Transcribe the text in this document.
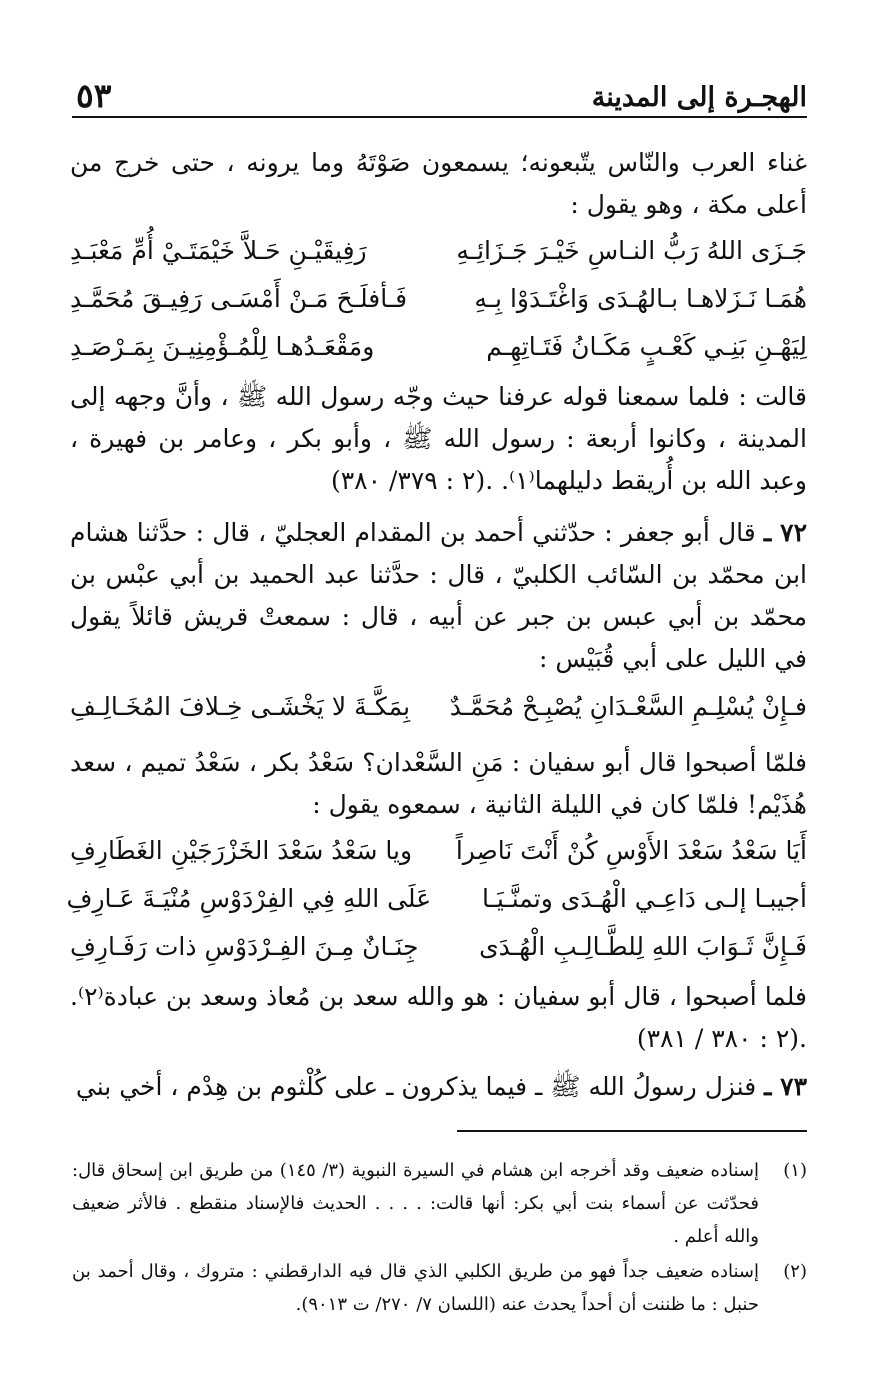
الهجـرة إلى المدينة
٥٣

غناء العرب والنّاس يتّبعونه؛ يسمعون صَوْتَهُ وما يرونه ، حتى خرج من أعلى مكة ، وهو يقول :

جَـزَى اللهُ رَبُّ النـاسِ خَيْـرَ جَـزَائِـهِ
رَفِيقَيْـنِ حَـلاَّ خَيْمَتَـيْ أُمِّ مَعْبَـدِ
هُمَـا نَـزَلاهـا بـالهُـدَى وَاغْتَـدَوْا بِـهِ
فَـأفلَـحَ مَـنْ أَمْسَـى رَفِيـقَ مُحَمَّـدِ
لِيَهْـنِ بَنِـي كَعْـبٍ مَكَـانُ فَتَـاتِهِـم
ومَقْعَـدُهـا لِلْمُـؤْمِنِيـنَ بِمَـرْصَـدِ

قالت : فلما سمعنا قوله عرفنا حيث وجّه رسول الله ﷺ ، وأنَّ وجهه إلى المدينة ، وكانوا أربعة : رسول الله ﷺ ، وأبو بكر ، وعامر بن فهيرة ، وعبد الله بن أُريقط دليلهما⁽١⁾. (٢ : ٣٧٩/ ٣٨٠).

٧٢ ـ قال أبو جعفر : حدّثني أحمد بن المقدام العجليّ ، قال : حدَّثنا هشام ابن محمّد بن السّائب الكلبيّ ، قال : حدَّثنا عبد الحميد بن أبي عبْس بن محمّد بن أبي عبس بن جبر عن أبيه ، قال : سمعتْ قريش قائلاً يقول في الليل على أبي قُبَيْس :

فـإِنْ يُسْلِـمِ السَّعْـدَانِ يُصْبِـحْ مُحَمَّـدٌ
بِمَكَّـةَ لا يَخْشَـى خِـلافَ المُخَـالِـفِ

فلمّا أصبحوا قال أبو سفيان : مَنِ السَّعْدان؟ سَعْدُ بكر ، سَعْدُ تميم ، سعد هُذَيْم! فلمّا كان في الليلة الثانية ، سمعوه يقول :

أَيَا سَعْدُ سَعْدَ الأَوْسِ كُنْ أَنْتَ نَاصِراً
ويا سَعْدُ سَعْدَ الخَزْرَجَيْنِ الغَطَارِفِ
أجيبـا إلـى دَاعِـي الْهُـدَى وتمنَّـيَـا
عَلَى اللهِ فِي الفِرْدَوْسِ مُنْيَـةَ عَـارِفِ
فَـإِنَّ ثَـوَابَ اللهِ لِلطَّـالِـبِ الْهُـدَى
جِنَـانٌ مِـنَ الفِـرْدَوْسِ ذات رَفَـارِفِ

فلما أصبحوا ، قال أبو سفيان : هو والله سعد بن مُعاذ وسعد بن عبادة⁽٢⁾. (٢ : ٣٨٠ / ٣٨١).

٧٣ ـ فنزل رسولُ الله ﷺ ـ فيما يذكرون ـ على كُلْثوم بن هِدْم ، أخي بني

(١)
إسناده ضعيف وقد أخرجه ابن هشام في السيرة النبوية (٣/ ١٤٥) من طريق ابن إسحاق قال: فحدّثت عن أسماء بنت أبي بكر: أنها قالت: . . . . الحديث فالإسناد منقطع . فالأثر ضعيف والله أعلم .
(٢)
إسناده ضعيف جداً فهو من طريق الكلبي الذي قال فيه الدارقطني : متروك ، وقال أحمد بن حنبل : ما ظننت أن أحداً يحدث عنه (اللسان ٧/ ٢٧٠/ ت ٩٠١٣).
